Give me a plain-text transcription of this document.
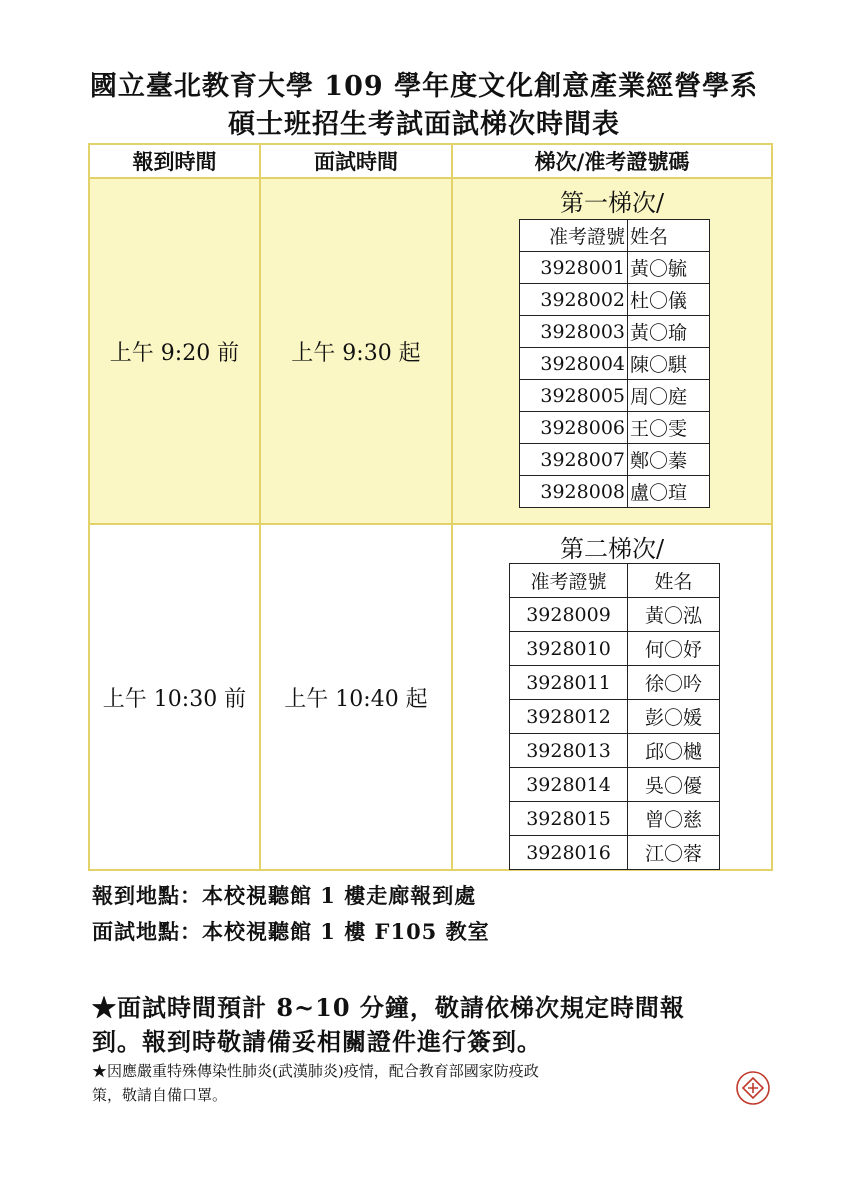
國立臺北教育大學 109 學年度文化創意產業經營學系
碩士班招生考試面試梯次時間表
報到時間	面試時間	梯次/准考證號碼
上午 9:20 前	上午 9:30 起
第一梯次/
准考證號	姓名
3928001	黃〇毓
3928002	杜〇儀
3928003	黃〇瑜
3928004	陳〇騏
3928005	周〇庭
3928006	王〇雯
3928007	鄭〇蓁
3928008	盧〇瑄
上午 10:30 前	上午 10:40 起
第二梯次/
准考證號	姓名
3928009	黃〇泓
3928010	何〇妤
3928011	徐〇吟
3928012	彭〇媛
3928013	邱〇樾
3928014	吳〇優
3928015	曾〇慈
3928016	江〇蓉
報到地點：本校視聽館 1 樓走廊報到處
面試地點：本校視聽館 1 樓 F105 教室
★面試時間預計 8~10 分鐘，敬請依梯次規定時間報
到。報到時敬請備妥相關證件進行簽到。
★因應嚴重特殊傳染性肺炎(武漢肺炎)疫情，配合教育部國家防疫政
策，敬請自備口罩。
